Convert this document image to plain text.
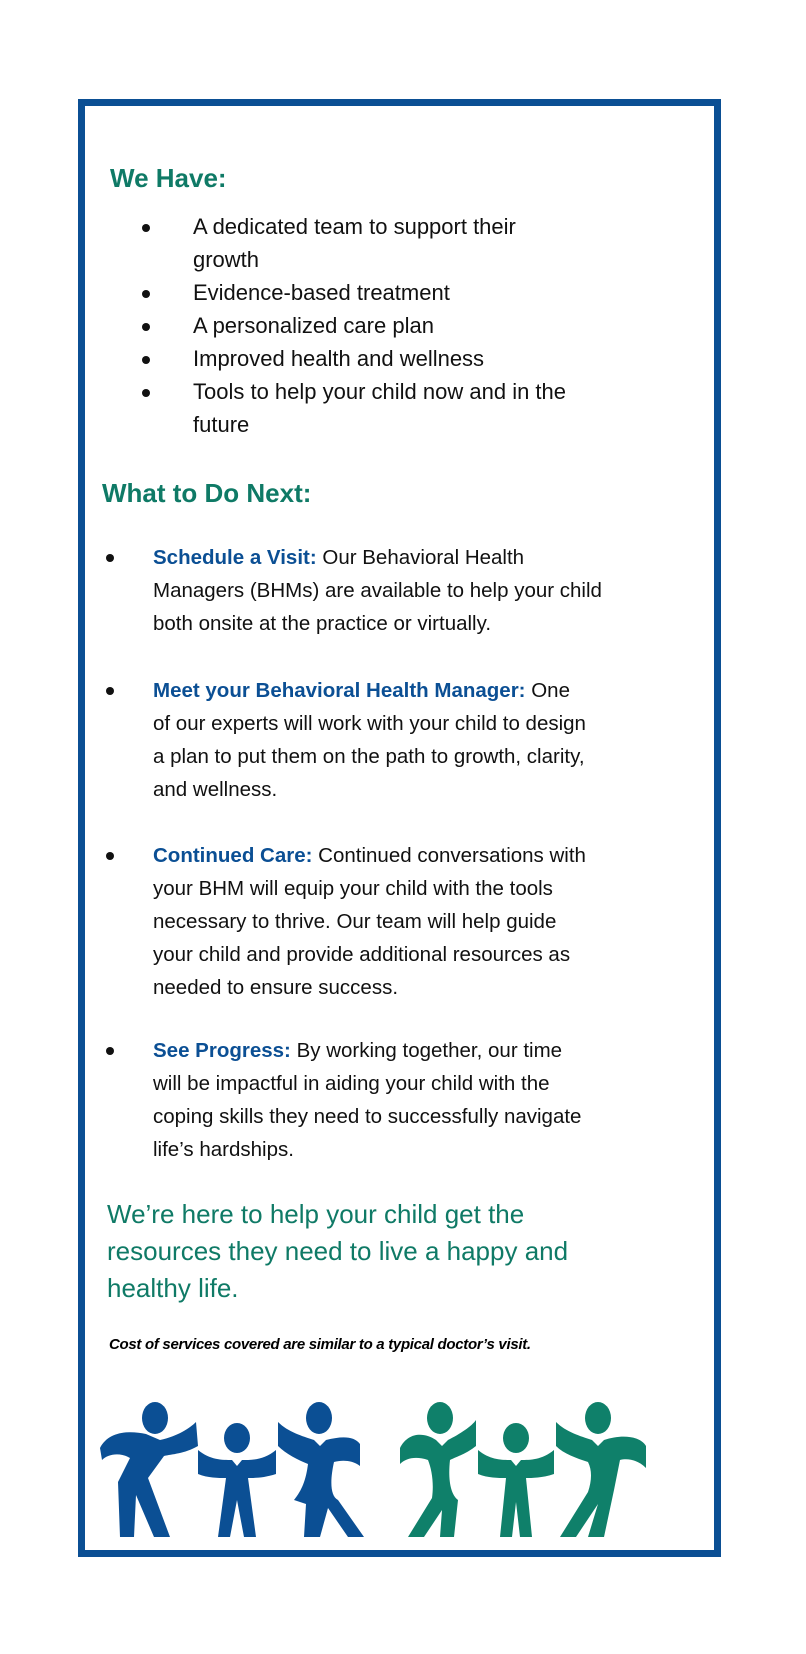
We Have:
A dedicated team to support their
growth
Evidence-based treatment
A personalized care plan
Improved health and wellness
Tools to help your child now and in the
future
What to Do Next:
Schedule a Visit: Our Behavioral Health
Managers (BHMs) are available to help your child
both onsite at the practice or virtually.
Meet your Behavioral Health Manager: One
of our experts will work with your child to design
a plan to put them on the path to growth, clarity,
and wellness.
Continued Care: Continued conversations with
your BHM will equip your child with the tools
necessary to thrive. Our team will help guide
your child and provide additional resources as
needed to ensure success.
See Progress: By working together, our time
will be impactful in aiding your child with the
coping skills they need to successfully navigate
life’s hardships.
We’re here to help your child get the
resources they need to live a happy and
healthy life.
Cost of services covered are similar to a typical doctor’s visit.
